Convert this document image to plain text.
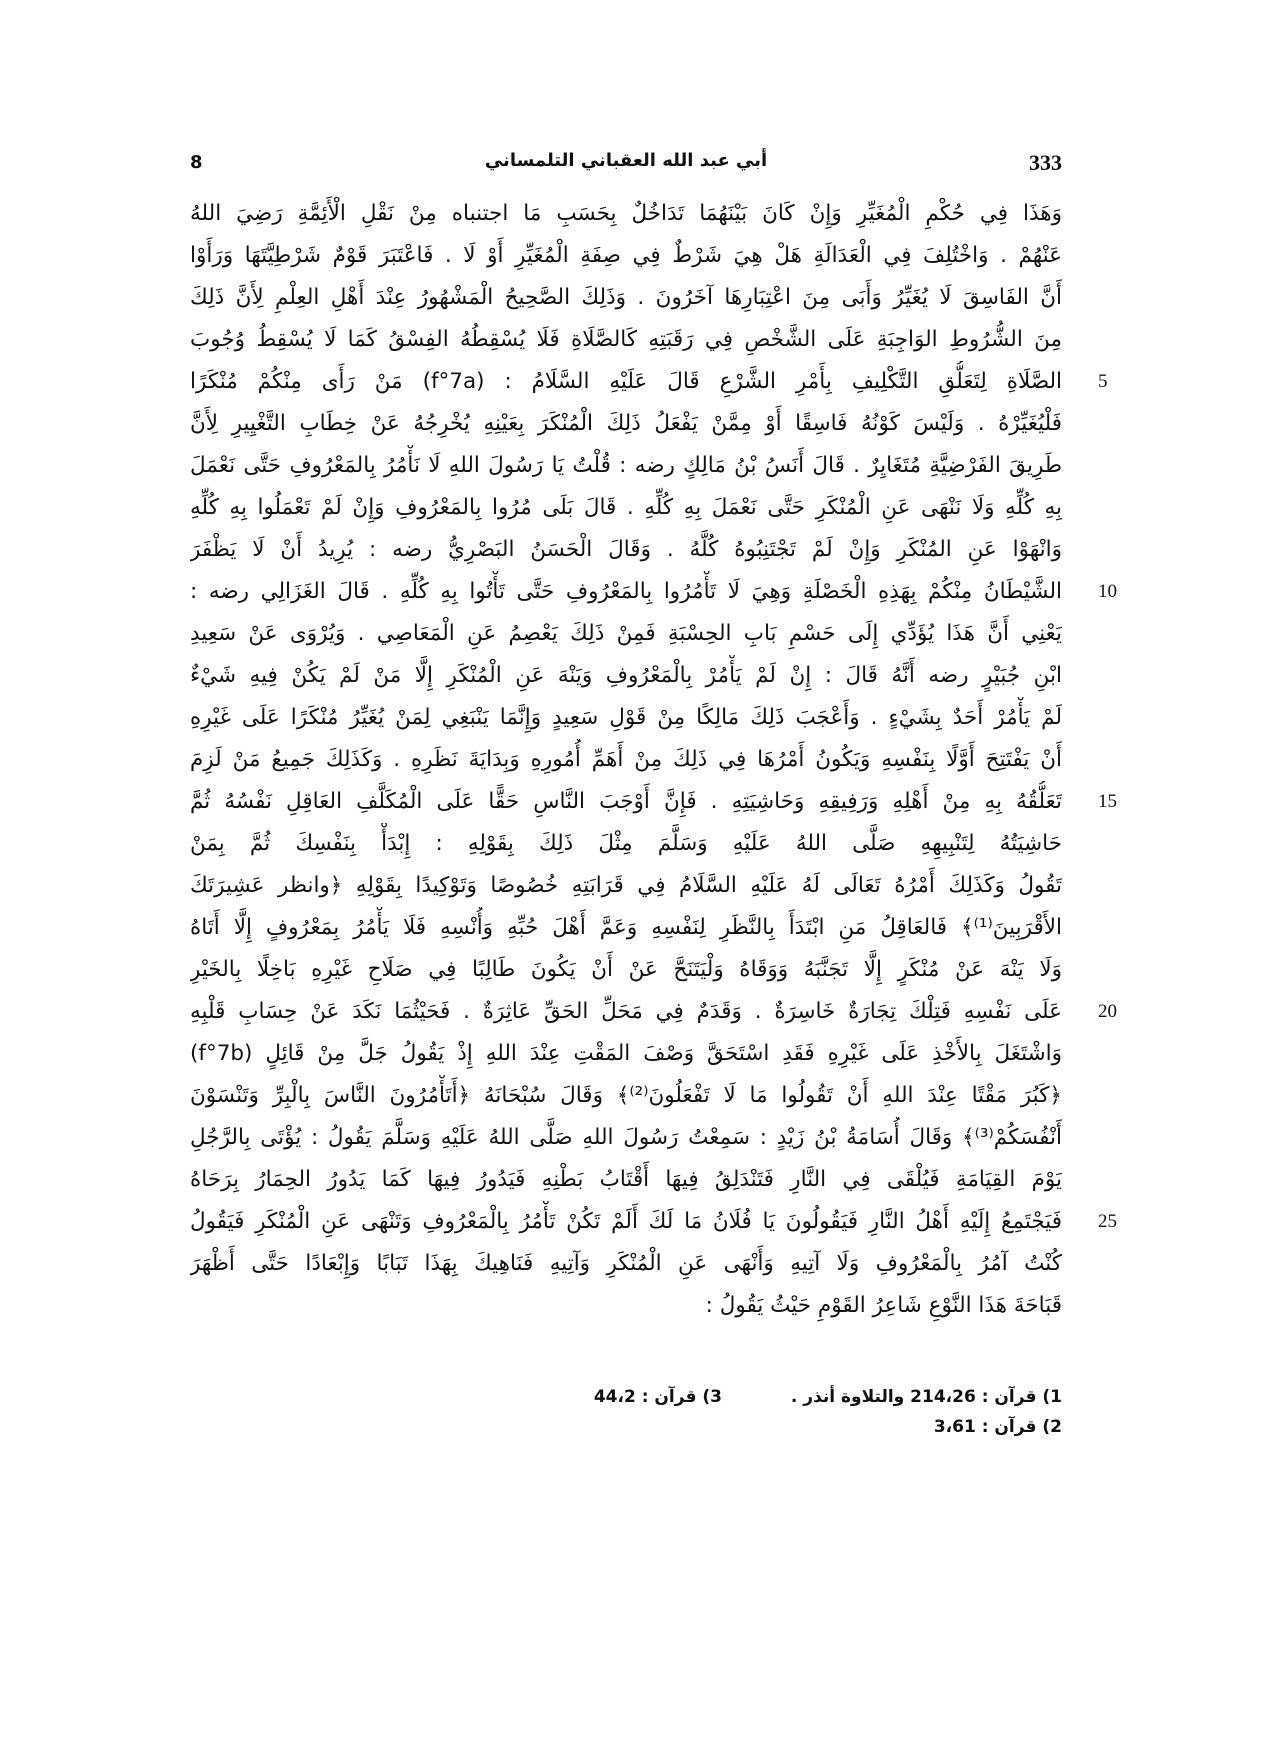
333
أبي عبد الله العقباني التلمساني
8
وَهَذَا فِي حُكْمِ الْمُغَيِّرِ وَإِنْ كَانَ بَيْنَهُمَا تَدَاخُلٌ بِحَسَبِ مَا اجتنباه مِنْ نَقْلِ الْأَئِمَّةِ رَضِيَ اللهُ
عَنْهُمْ . وَاخْتُلِفَ فِي الْعَدَالَةِ هَلْ هِيَ شَرْطٌ فِي صِفَةِ الْمُغَيِّرِ أَوْ لَا . فَاعْتَبَرَ قَوْمٌ شَرْطِيَّتَهَا وَرَأَوْا
أَنَّ الفَاسِقَ لَا يُغَيِّرُ وَأَبَى مِنَ اعْتِبَارِهَا آخَرُونَ . وَذَلِكَ الصَّحِيحُ الْمَشْهُورُ عِنْدَ أَهْلِ العِلْمِ لِأَنَّ ذَلِكَ
مِنَ الشُّرُوطِ الوَاجِبَةِ عَلَى الشَّخْصِ فِي رَقَبَتِهِ كَالصَّلَاةِ فَلَا يُسْقِطُهُ الفِسْقُ كَمَا لَا يُسْقِطُ وُجُوبَ
الصَّلَاةِ لِتَعَلُّقِ التَّكْلِيفِ بِأَمْرِ الشَّرْعِ قَالَ عَلَيْهِ السَّلَامُ : (f°7a) مَنْ رَأَى مِنْكُمْ مُنْكَرًا 5
فَلْيُغَيِّرْهُ . وَلَيْسَ كَوْنُهُ فَاسِقًا أَوْ مِمَّنْ يَفْعَلُ ذَلِكَ الْمُنْكَرَ بِعَيْنِهِ يُخْرِجُهُ عَنْ خِطَابِ التَّغْيِيرِ لِأَنَّ
طَرِيقَ الفَرْضِيَّةِ مُتَغَايِرٌ . قَالَ أَنَسُ بْنُ مَالِكٍ رضه : قُلْتُ يَا رَسُولَ اللهِ لَا نَأْمُرُ بِالمَعْرُوفِ حَتَّى نَعْمَلَ
بِهِ كُلِّهِ وَلَا نَنْهَى عَنِ الْمُنْكَرِ حَتَّى نَعْمَلَ بِهِ كُلِّهِ . قَالَ بَلَى مُرُوا بِالمَعْرُوفِ وَإِنْ لَمْ تَعْمَلُوا بِهِ كُلِّهِ
وَانْهَوْا عَنِ المُنْكَرِ وَإِنْ لَمْ تَجْتَنِبُوهُ كُلَّهُ . وَقَالَ الْحَسَنُ البَصْرِيُّ رضه : يُرِيدُ أَنْ لَا يَظْفَرَ
الشَّيْطَانُ مِنْكُمْ بِهَذِهِ الْخَصْلَةِ وَهِيَ لَا تَأْمُرُوا بِالمَعْرُوفِ حَتَّى تَأْتُوا بِهِ كُلِّهِ . قَالَ الغَزَالِي رضه : 10
يَعْنِي أَنَّ هَذَا يُؤَدِّي إِلَى حَسْمِ بَابِ الحِسْبَةِ فَمِنْ ذَلِكَ يَعْصِمُ عَنِ الْمَعَاصِي . وَيُرْوَى عَنْ سَعِيدِ
ابْنِ جُبَيْرٍ رضه أَنَّهُ قَالَ : إِنْ لَمْ يَأْمُرْ بِالْمَعْرُوفِ وَيَنْهَ عَنِ الْمُنْكَرِ إِلَّا مَنْ لَمْ يَكُنْ فِيهِ شَيْءٌ
لَمْ يَأْمُرْ أَحَدٌ بِشَيْءٍ . وَأَعْجَبَ ذَلِكَ مَالِكًا مِنْ قَوْلِ سَعِيدٍ وَإِنَّمَا يَنْبَغِي لِمَنْ يُغَيِّرُ مُنْكَرًا عَلَى غَيْرِهِ
أَنْ يَفْتَتِحَ أَوَّلًا بِنَفْسِهِ وَيَكُونُ أَمْرُهَا فِي ذَلِكَ مِنْ أَهَمِّ أُمُورِهِ وَبِدَايَةَ نَظَرِهِ . وَكَذَلِكَ جَمِيعُ مَنْ لَزِمَ
تَعَلُّقُهُ بِهِ مِنْ أَهْلِهِ وَرَفِيقِهِ وَحَاشِيَتِهِ . فَإِنَّ أَوْجَبَ النَّاسِ حَقًّا عَلَى الْمُكَلَّفِ العَاقِلِ نَفْسُهُ ثُمَّ 15
حَاشِيَتُهُ لِتَنْبِيهِهِ صَلَّى اللهُ عَلَيْهِ وَسَلَّمَ مِثْلَ ذَلِكَ بِقَوْلِهِ : إِبْدَأْ بِنَفْسِكَ ثُمَّ بِمَنْ
تَقُولُ وَكَذَلِكَ أَمْرُهُ تَعَالَى لَهُ عَلَيْهِ السَّلَامُ فِي قَرَابَتِهِ خُصُوصًا وَتَوْكِيدًا بِقَوْلِهِ ﴿وانظر عَشِيرَتَكَ
الأَقْرَبِينَ⁽¹⁾﴾ فَالعَاقِلُ مَنِ ابْتَدَأَ بِالنَّظَرِ لِنَفْسِهِ وَعَمَّ أَهْلَ حُبِّهِ وَأُنْسِهِ فَلَا يَأْمُرُ بِمَعْرُوفٍ إِلَّا أَتَاهُ
وَلَا يَنْهَ عَنْ مُنْكَرٍ إِلَّا تَجَنَّبَهُ وَوَقَاهُ وَلْيَتَنَحَّ عَنْ أَنْ يَكُونَ طَالِبًا فِي صَلَاحِ غَيْرِهِ بَاخِلًا بِالخَيْرِ
عَلَى نَفْسِهِ فَتِلْكَ تِجَارَةٌ خَاسِرَةٌ . وَقَدَمٌ فِي مَحَلِّ الحَقِّ عَاثِرَةٌ . فَحَيْثُمَا نَكَدَ عَنْ حِسَابِ قَلْبِهِ 20
وَاشْتَغَلَ بِالأَخْذِ عَلَى غَيْرِهِ فَقَدِ اسْتَحَقَّ وَصْفَ المَقْتِ عِنْدَ اللهِ إِذْ يَقُولُ جَلَّ مِنْ قَائِلٍ (f°7b)
﴿كَبُرَ مَقْتًا عِنْدَ اللهِ أَنْ تَقُولُوا مَا لَا تَفْعَلُونَ⁽²⁾﴾ وَقَالَ سُبْحَانَهُ ﴿أَتَأْمُرُونَ النَّاسَ بِالْبِرِّ وَتَنْسَوْنَ
أَنْفُسَكُمْ⁽³⁾﴾ وَقَالَ أُسَامَةُ بْنُ زَيْدٍ : سَمِعْتُ رَسُولَ اللهِ صَلَّى اللهُ عَلَيْهِ وَسَلَّمَ يَقُولُ : يُؤْتَى بِالرَّجُلِ
يَوْمَ القِيَامَةِ فَيُلْقَى فِي النَّارِ فَتَنْدَلِقُ فِيهَا أَقْتَابُ بَطْنِهِ فَيَدُورُ فِيهَا كَمَا يَدُورُ الحِمَارُ بِرَحَاهُ
فَيَجْتَمِعُ إِلَيْهِ أَهْلُ النَّارِ فَيَقُولُونَ يَا فُلَانُ مَا لَكَ أَلَمْ تَكُنْ تَأْمُرُ بِالْمَعْرُوفِ وَتَنْهَى عَنِ الْمُنْكَرِ فَيَقُولُ 25
كُنْتُ آمُرُ بِالْمَعْرُوفِ وَلَا آتِيهِ وَأَنْهَى عَنِ الْمُنْكَرِ وَآتِيهِ فَنَاهِيكَ بِهَذَا تَبَابًا وَإِبْعَادًا حَتَّى أَظْهَرَ
قَبَاحَةَ هَذَا النَّوْعِ شَاعِرُ القَوْمِ حَيْثُ يَقُولُ :
1) قرآن : 214،26 والتلاوة أنذر .
2) قرآن : 3،61
3) قرآن : 44،2
